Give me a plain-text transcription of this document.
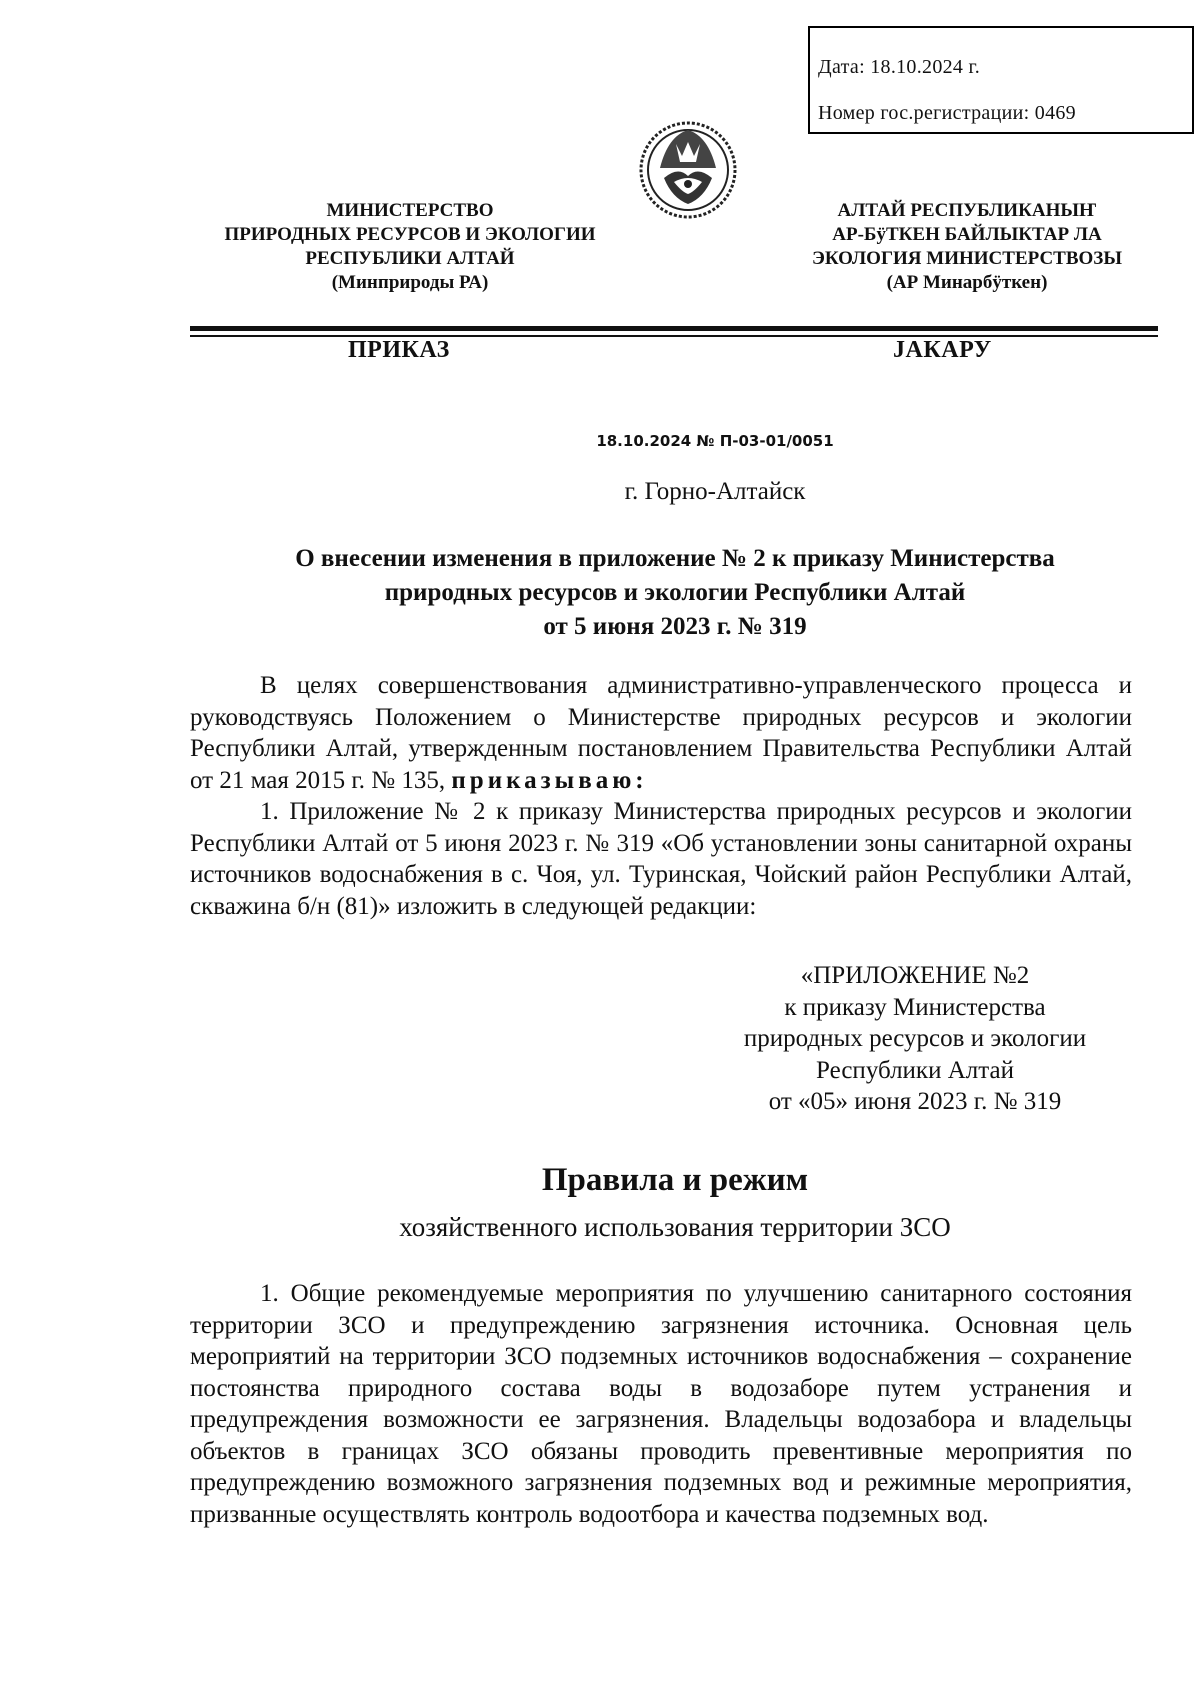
Дата: 18.10.2024 г.
Номер гос.регистрации: 0469
МИНИСТЕРСТВО
ПРИРОДНЫХ РЕСУРСОВ И ЭКОЛОГИИ
РЕСПУБЛИКИ АЛТАЙ
(Минприроды РА)
АЛТАЙ РЕСПУБЛИКАНЫҤ
АР-БÿТКЕН БАЙЛЫКТАР ЛА
ЭКОЛОГИЯ МИНИСТЕРСТВОЗЫ
(АР Минарбÿткен)
ПРИКАЗ	JАКАРУ
18.10.2024 № П-03-01/0051
г. Горно-Алтайск
О внесении изменения в приложение № 2 к приказу Министерства
природных ресурсов и экологии Республики Алтай
от 5 июня 2023 г. № 319

В целях совершенствования административно-управленческого процесса и руководствуясь Положением о Министерстве природных ресурсов и экологии Республики Алтай, утвержденным постановлением Правительства Республики Алтай от 21 мая 2015 г. № 135, приказываю:

1. Приложение № 2 к приказу Министерства природных ресурсов и экологии Республики Алтай от 5 июня 2023 г. № 319 «Об установлении зоны санитарной охраны источников водоснабжения в с. Чоя, ул. Туринская, Чойский район Республики Алтай, скважина б/н (81)» изложить в следующей редакции:

«ПРИЛОЖЕНИЕ №2
к приказу Министерства
природных ресурсов и экологии
Республики Алтай
от «05» июня 2023 г. № 319
Правила и режим
хозяйственного использования территории ЗСО

1. Общие рекомендуемые мероприятия по улучшению санитарного состояния территории ЗСО и предупреждению загрязнения источника. Основная цель мероприятий на территории ЗСО подземных источников водоснабжения – сохранение постоянства природного состава воды в водозаборе путем устранения и предупреждения возможности ее загрязнения. Владельцы водозабора и владельцы объектов в границах ЗСО обязаны проводить превентивные мероприятия по предупреждению возможного загрязнения подземных вод и режимные мероприятия, призванные осуществлять контроль водоотбора и качества подземных вод.
